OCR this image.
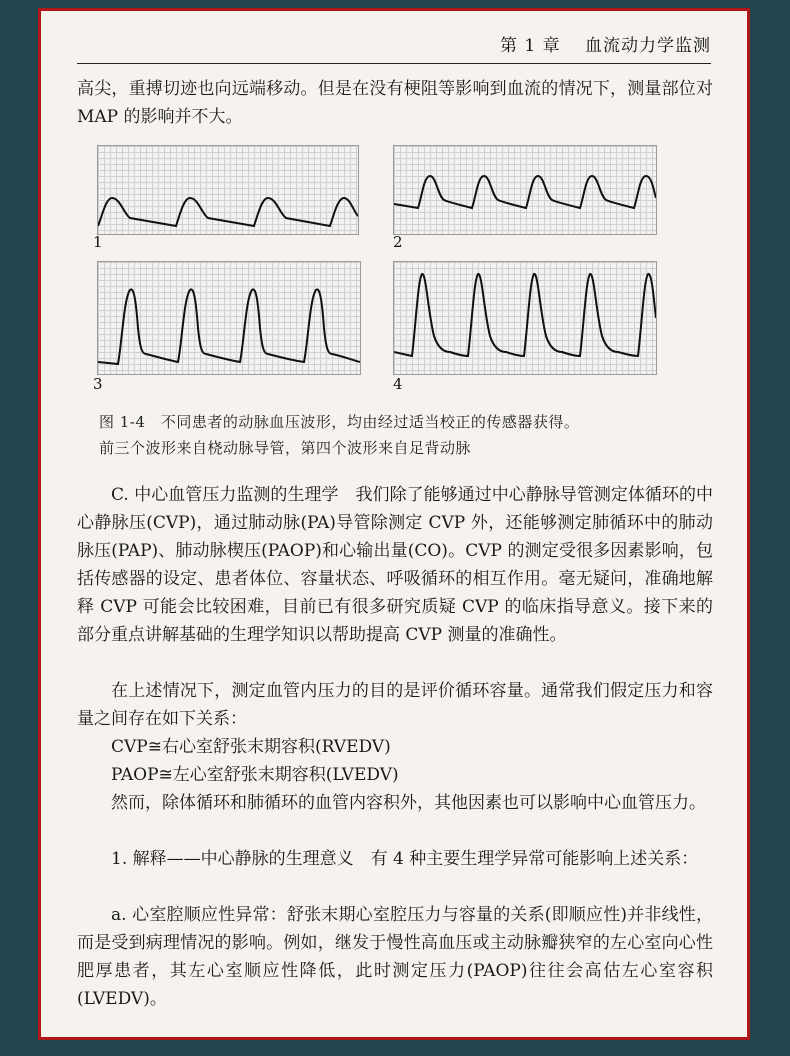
第 1 章 血流动力学监测

高尖，重搏切迹也向远端移动。但是在没有梗阻等影响到血流的情况下，测量部位对 MAP 的影响并不大。

1	2
3	4
图 1-4　不同患者的动脉血压波形，均由经过适当校正的传感器获得。
前三个波形来自桡动脉导管，第四个波形来自足背动脉

C. 中心血管压力监测的生理学　我们除了能够通过中心静脉导管测定体循环的中心静脉压(CVP)，通过肺动脉(PA)导管除测定 CVP 外，还能够测定肺循环中的肺动脉压(PAP)、肺动脉楔压(PAOP)和心输出量(CO)。CVP 的测定受很多因素影响，包括传感器的设定、患者体位、容量状态、呼吸循环的相互作用。毫无疑问，准确地解释 CVP 可能会比较困难，目前已有很多研究质疑 CVP 的临床指导意义。接下来的部分重点讲解基础的生理学知识以帮助提高 CVP 测量的准确性。

在上述情况下，测定血管内压力的目的是评价循环容量。通常我们假定压力和容量之间存在如下关系：

CVP≅右心室舒张末期容积(RVEDV)

PAOP≅左心室舒张末期容积(LVEDV)

然而，除体循环和肺循环的血管内容积外，其他因素也可以影响中心血管压力。

1. 解释——中心静脉的生理意义　有 4 种主要生理学异常可能影响上述关系：

a. 心室腔顺应性异常：舒张末期心室腔压力与容量的关系(即顺应性)并非线性，而是受到病理情况的影响。例如，继发于慢性高血压或主动脉瓣狭窄的左心室向心性肥厚患者，其左心室顺应性降低，此时测定压力(PAOP)往往会高估左心室容积(LVEDV)。
